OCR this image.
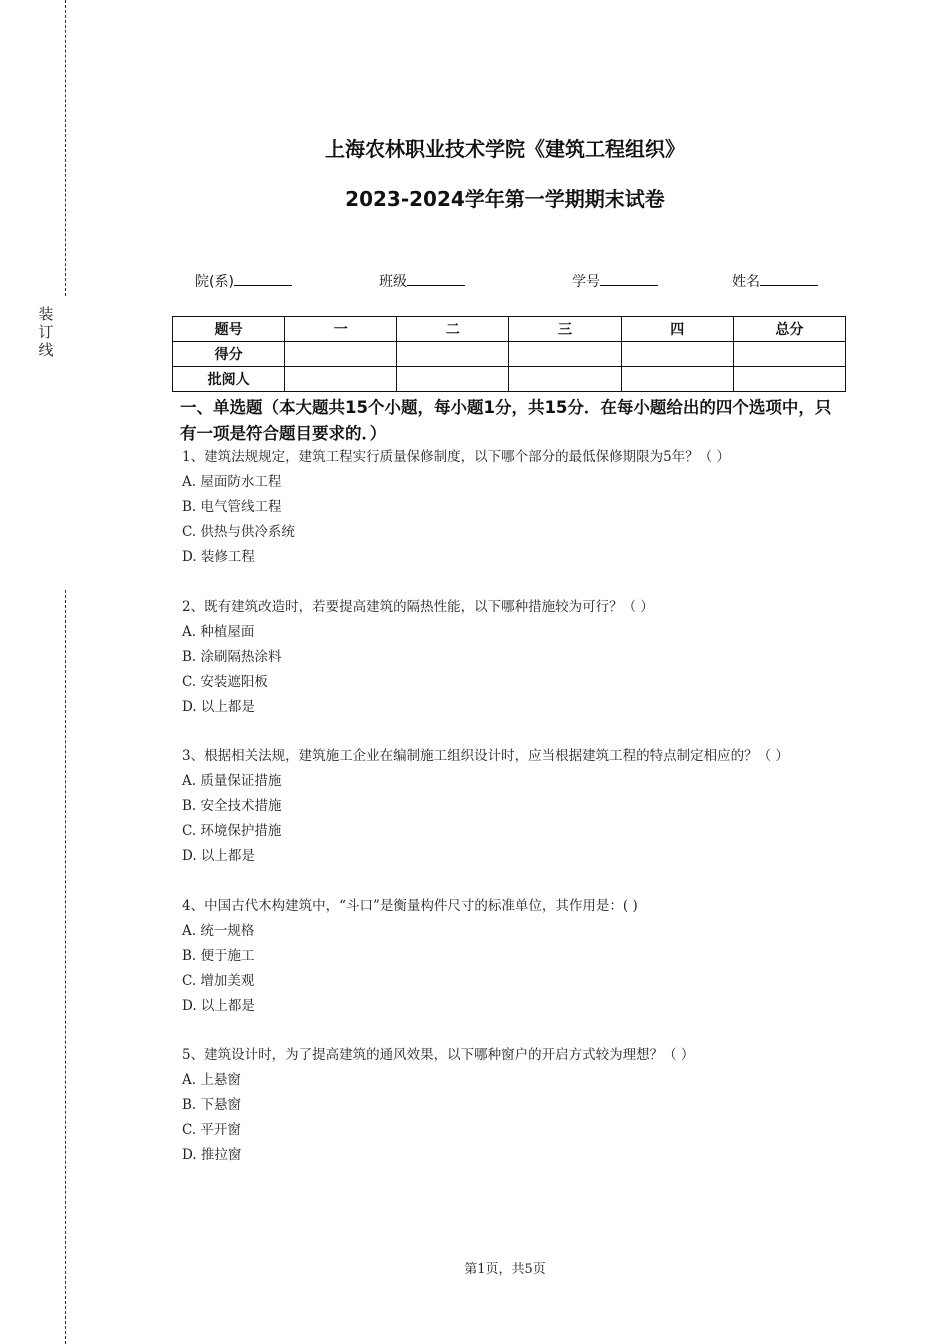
装订线
上海农林职业技术学院《建筑工程组织》
2023-2024学年第一学期期末试卷
院(系)	班级	学号	姓名
题号	一	二	三	四	总分
得分					
批阅人					
一、单选题（本大题共15个小题，每小题1分，共15分．在每小题给出的四个选项中，只有一项是符合题目要求的．）

1、建筑法规规定，建筑工程实行质量保修制度，以下哪个部分的最低保修期限为5年？（ ）

A. 屋面防水工程

B. 电气管线工程

C. 供热与供冷系统

D. 装修工程

2、既有建筑改造时，若要提高建筑的隔热性能，以下哪种措施较为可行？（ ）

A. 种植屋面

B. 涂刷隔热涂料

C. 安装遮阳板

D. 以上都是

3、根据相关法规，建筑施工企业在编制施工组织设计时，应当根据建筑工程的特点制定相应的？（ ）

A. 质量保证措施

B. 安全技术措施

C. 环境保护措施

D. 以上都是

4、中国古代木构建筑中，“斗口”是衡量构件尺寸的标准单位，其作用是：( )

A. 统一规格

B. 便于施工

C. 增加美观

D. 以上都是

5、建筑设计时，为了提高建筑的通风效果，以下哪种窗户的开启方式较为理想？（ ）

A. 上悬窗

B. 下悬窗

C. 平开窗

D. 推拉窗

第1页，共5页
